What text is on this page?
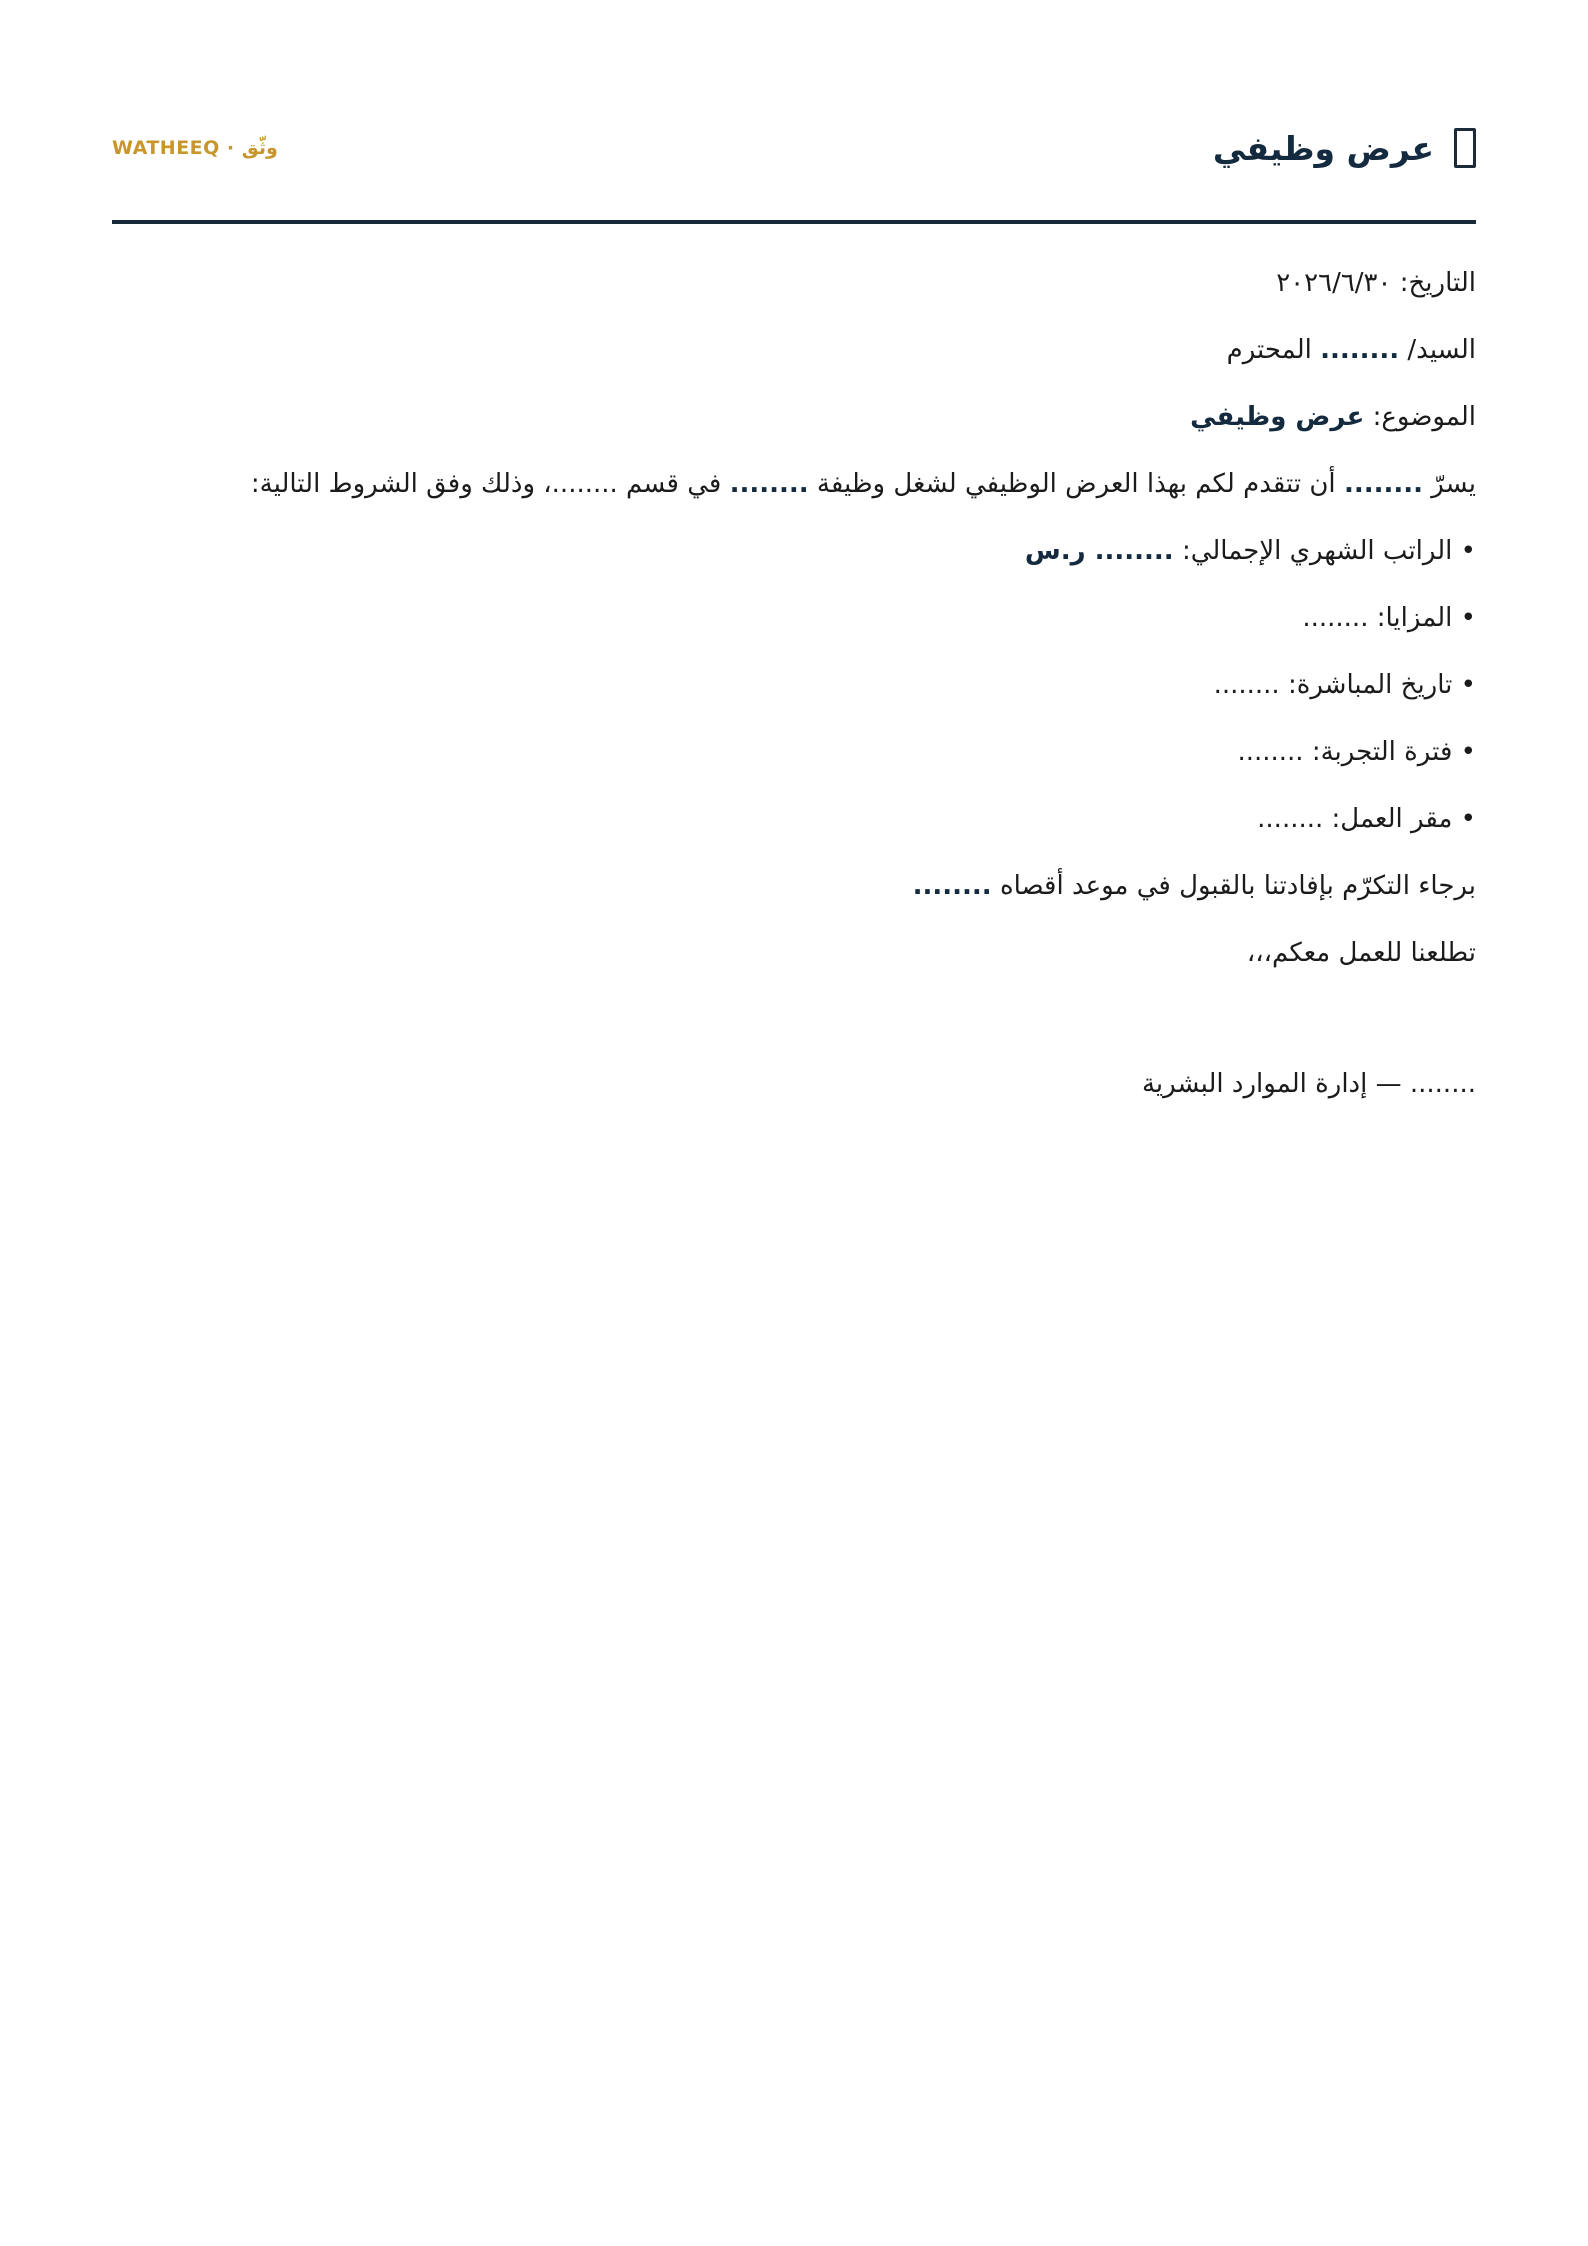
عرض وظيفي
WATHEEQ · وثّق
التاريخ: ٢٠٢٦/٦/٣٠
السيد/ ........ المحترم
الموضوع: عرض وظيفي
يسرّ ........ أن تتقدم لكم بهذا العرض الوظيفي لشغل وظيفة ........ في قسم ........، وذلك وفق الشروط التالية:
• الراتب الشهري الإجمالي: ........ ر.س
• المزايا: ........
• تاريخ المباشرة: ........
• فترة التجربة: ........
• مقر العمل: ........
برجاء التكرّم بإفادتنا بالقبول في موعد أقصاه ........
تطلعنا للعمل معكم،،،
........ — إدارة الموارد البشرية
